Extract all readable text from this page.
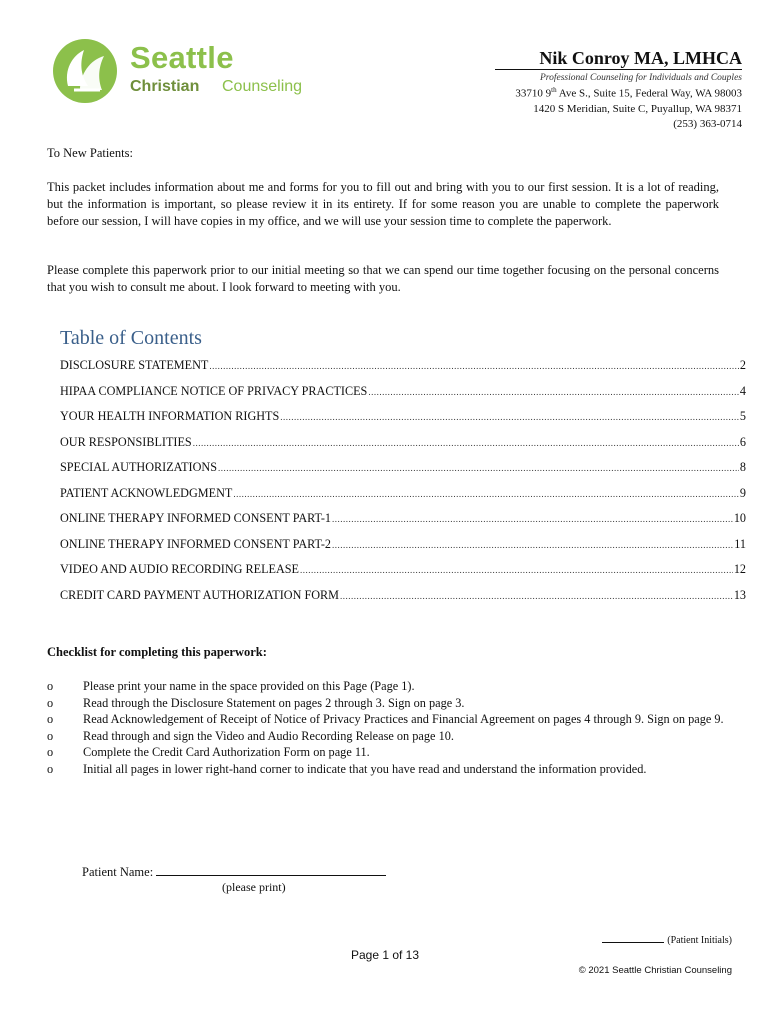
Seattle
Christian Counseling
Nik Conroy MA, LMHCA
Professional Counseling for Individuals and Couples
33710 9th Ave S., Suite 15, Federal Way, WA 98003
1420 S Meridian, Suite C, Puyallup, WA 98371
(253) 363-0714
To New Patients:
This packet includes information about me and forms for you to fill out and bring with you to our first session. It is a lot of reading, but the information is important, so please review it in its entirety. If for some reason you are unable to complete the paperwork before our session, I will have copies in my office, and we will use your session time to complete the paperwork.
Please complete this paperwork prior to our initial meeting so that we can spend our time together focusing on the personal concerns that you wish to consult me about. I look forward to meeting with you.
Table of Contents
DISCLOSURE STATEMENT .....	2
HIPAA COMPLIANCE NOTICE OF PRIVACY PRACTICES .....	4
YOUR HEALTH INFORMATION RIGHTS .....	5
OUR RESPONSIBLITIES .....	6
SPECIAL AUTHORIZATIONS .....	8
PATIENT ACKNOWLEDGMENT .....	9
ONLINE THERAPY INFORMED CONSENT PART-1 .....	10
ONLINE THERAPY INFORMED CONSENT PART-2 .....	11
VIDEO AND AUDIO RECORDING RELEASE .....	12
CREDIT CARD PAYMENT AUTHORIZATION FORM .....	13
Checklist for completing this paperwork:
o	Please print your name in the space provided on this Page (Page 1).
o	Read through the Disclosure Statement on pages 2 through 3. Sign on page 3.
o	Read Acknowledgement of Receipt of Notice of Privacy Practices and Financial Agreement on pages 4 through 9. Sign on page 9.
o	Read through and sign the Video and Audio Recording Release on page 10.
o	Complete the Credit Card Authorization Form on page 11.
o	Initial all pages in lower right-hand corner to indicate that you have read and understand the information provided.
Patient Name:
(please print)
(Patient Initials)
Page 1 of 13
© 2021 Seattle Christian Counseling
